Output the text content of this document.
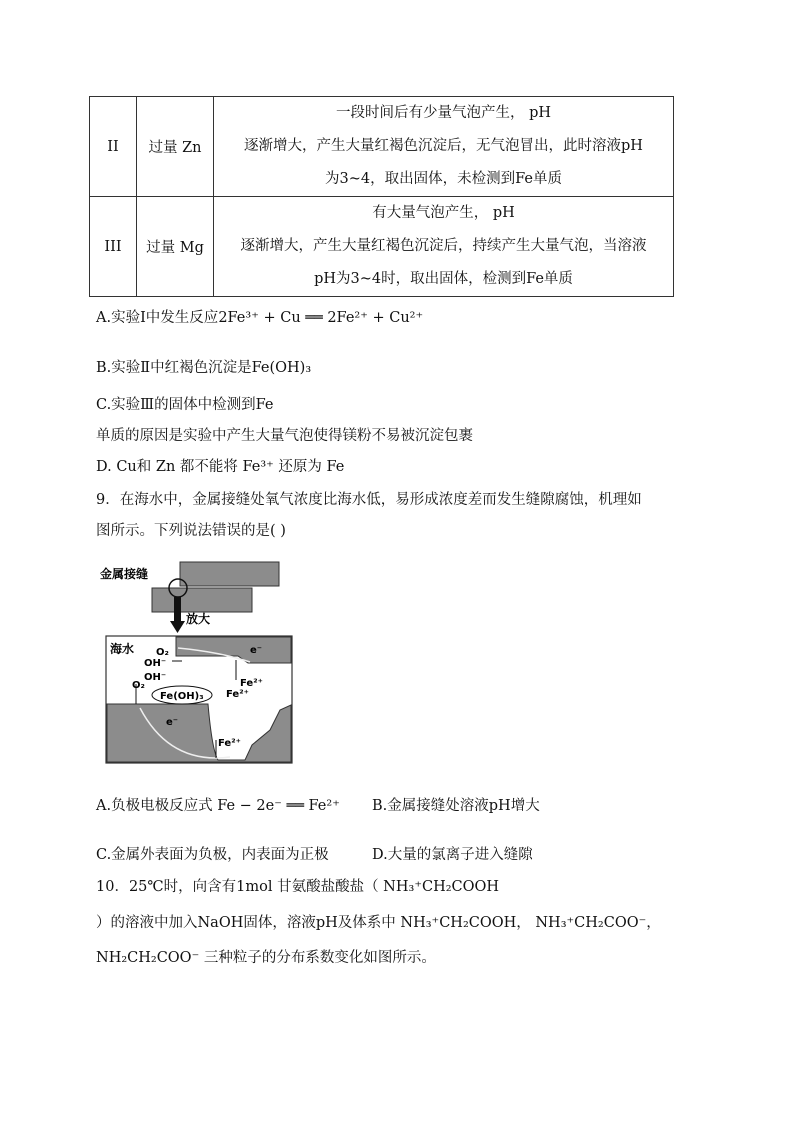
II	过量 Zn	一段时间后有少量气泡产生， pH
逐渐增大，产生大量红褐色沉淀后，无气泡冒出，此时溶液pH
为3~4，取出固体，未检测到Fe单质

III	过量 Mg	有大量气泡产生， pH
逐渐增大，产生大量红褐色沉淀后，持续产生大量气泡，当溶液
pH为3~4时，取出固体，检测到Fe单质
A.实验Ⅰ中发生反应2Fe³⁺ + Cu ══ 2Fe²⁺ + Cu²⁺
B.实验Ⅱ中红褐色沉淀是Fe(OH)₃
C.实验Ⅲ的固体中检测到Fe
单质的原因是实验中产生大量气泡使得镁粉不易被沉淀包裹
D. Cu和 Zn 都不能将 Fe³⁺ 还原为 Fe
9．在海水中，金属接缝处氧气浓度比海水低，易形成浓度差而发生缝隙腐蚀，机理如
图所示。下列说法错误的是( )
金属接缝
放大
海水 O₂
OH⁻
e⁻
Fe²⁺
Fe²⁺
O₂
OH⁻
Fe(OH)₃
e⁻
Fe²⁺
A.负极电极反应式 Fe − 2e⁻ ══ Fe²⁺ B.金属接缝处溶液pH增大
C.金属外表面为负极，内表面为正极	D.大量的氯离子进入缝隙
10．25℃时，向含有1mol 甘氨酸盐酸盐（ NH₃⁺CH₂COOH
）的溶液中加入NaOH固体，溶液pH及体系中 NH₃⁺CH₂COOH， NH₃⁺CH₂COO⁻，
NH₂CH₂COO⁻ 三种粒子的分布系数变化如图所示。
